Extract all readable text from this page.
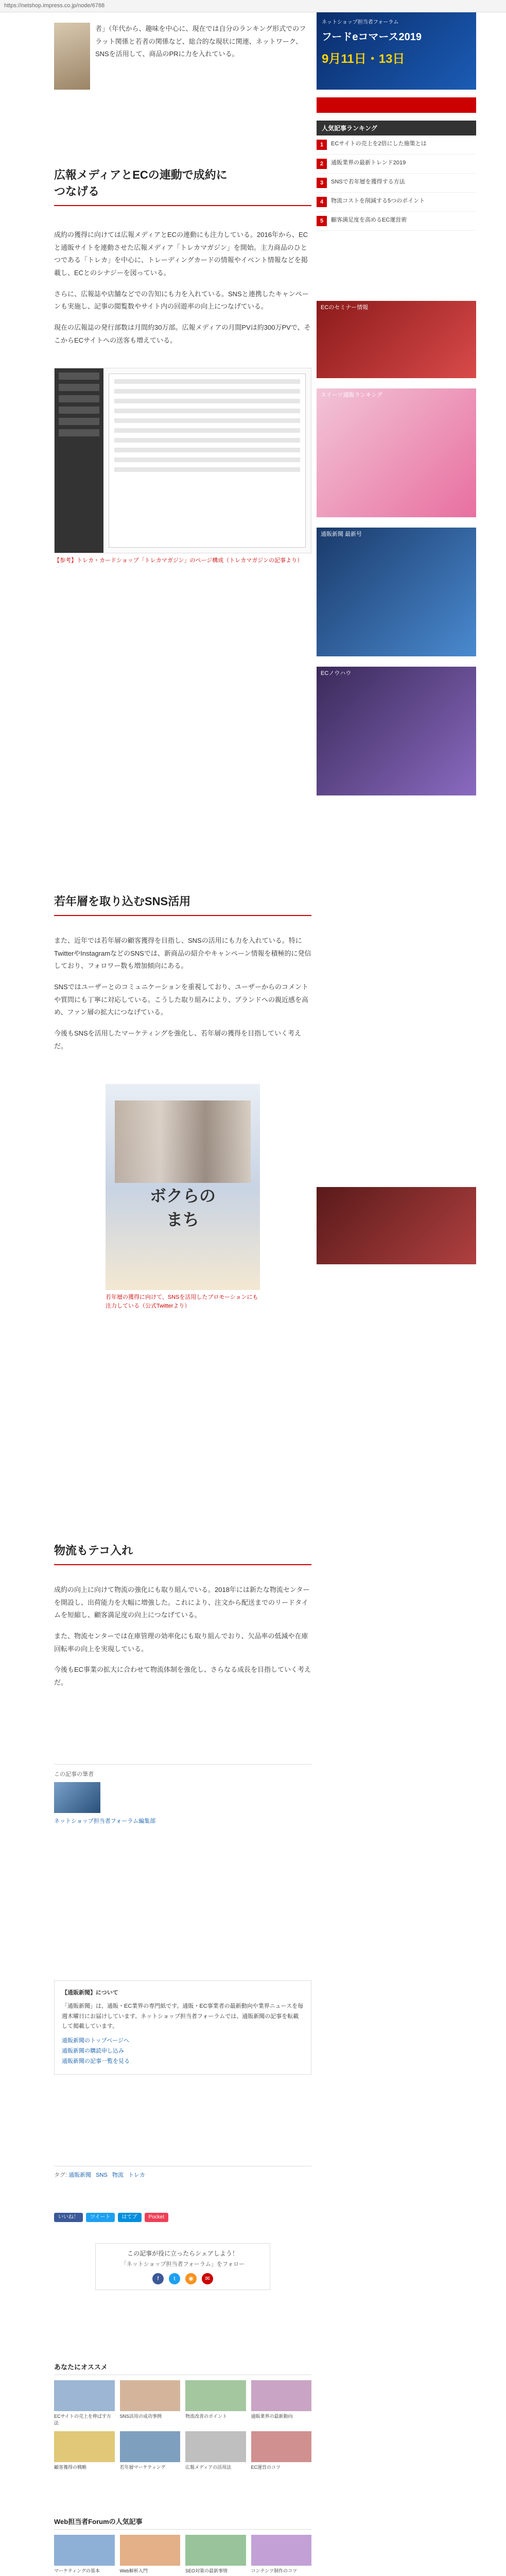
https://netshop.impress.co.jp/node/6788

者」（年代から、趣味を中心に、現在では自分のランキング形式でのフラット関係と若者の関係など、総合的な現状に関連、ネットワーク、SNSを活用して、商品のPRに力を入れている。

広報メディアとECの連動で成約に
つなげる

成約の獲得に向けては広報メディアとECの連動にも注力している。2016年から、ECと通販サイトを連動させた広報メディア「トレカマガジン」を開始。主力商品のひとつである「トレカ」を中心に、トレーディングカードの情報やイベント情報などを掲載し、ECとのシナジーを図っている。

さらに、広報誌や店舗などでの告知にも力を入れている。SNSと連携したキャンペーンも実施し、記事の閲覧数やサイト内の回遊率の向上につなげている。

現在の広報誌の発行部数は月間約30万部。広報メディアの月間PVは約300万PVで、そこからECサイトへの送客も増えている。

【参考】トレカ・カードショップ「トレカマガジン」のページ構成（トレカマガジンの記事より）
若年層を取り込むSNS活用

また、近年では若年層の顧客獲得を目指し、SNSの活用にも力を入れている。特にTwitterやInstagramなどのSNSでは、新商品の紹介やキャンペーン情報を積極的に発信しており、フォロワー数も増加傾向にある。

SNSではユーザーとのコミュニケーションを重視しており、ユーザーからのコメントや質問にも丁寧に対応している。こうした取り組みにより、ブランドへの親近感を高め、ファン層の拡大につなげている。

今後もSNSを活用したマーケティングを強化し、若年層の獲得を目指していく考えだ。

ボクらのまち
若年層の獲得に向けて、SNSを活用したプロモーションにも注力している（公式Twitterより）
物流もテコ入れ

成約の向上に向けて物流の強化にも取り組んでいる。2018年には新たな物流センターを開設し、出荷能力を大幅に増強した。これにより、注文から配送までのリードタイムを短縮し、顧客満足度の向上につなげている。

また、物流センターでは在庫管理の効率化にも取り組んでおり、欠品率の低減や在庫回転率の向上を実現している。

今後もEC事業の拡大に合わせて物流体制を強化し、さらなる成長を目指していく考えだ。

この記事の筆者
ネットショップ担当者フォーラム編集部
【通販新聞】について
「通販新聞」は、通販・EC業界の専門紙です。通販・EC事業者の最新動向や業界ニュースを毎週木曜日にお届けしています。ネットショップ担当者フォーラムでは、通販新聞の記事を転載して掲載しています。
通販新聞のトップページへ
通販新聞の購読申し込み
通販新聞の記事一覧を見る
タグ: 通販新聞 SNS 物流 トレカ
いいね！	ツイート	はてブ	Pocket
この記事が役に立ったらシェアしよう！
「ネットショップ担当者フォーラム」をフォロー
f	t	◉	✉
あなたにオススメ
ECサイトの売上を伸ばす方法
SNS活用の成功事例	物流改善のポイント	通販業界の最新動向
顧客獲得の戦略	若年層マーケティング	広報メディアの活用法	EC運営のコツ
Web担当者Forumの人気記事
マーケティングの基本	Web解析入門	SEO対策の最新事情	コンテンツ制作のコツ
ネットショップ担当者フォーラム
フードeコマース2019
9月11日・13日
人気記事ランキング
1	ECサイトの売上を2倍にした施策とは
2	通販業界の最新トレンド2019
3	SNSで若年層を獲得する方法
4	物流コストを削減する5つのポイント
5	顧客満足度を高めるEC運営術
ECのセミナー情報
スイーツ通販ランキング
通販新聞 最新号
ECノウハウ
